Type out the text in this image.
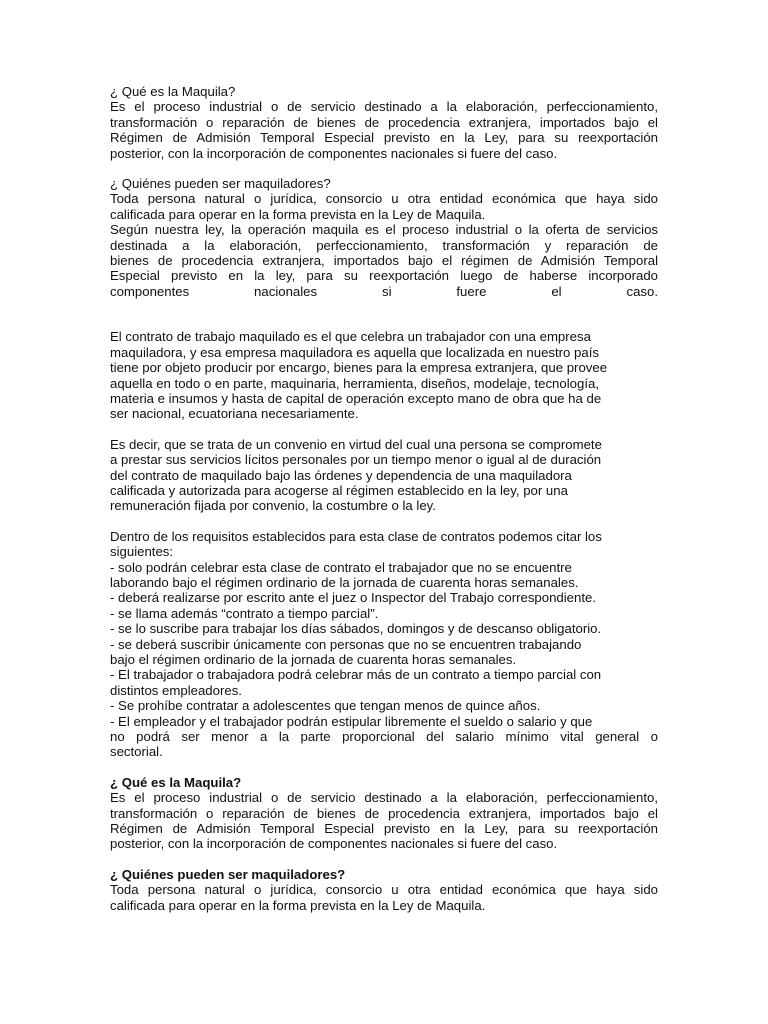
¿ Qué es la Maquila?
Es el proceso industrial o de servicio destinado a la elaboración, perfeccionamiento,
transformación o reparación de bienes de procedencia extranjera, importados bajo el
Régimen de Admisión Temporal Especial previsto en la Ley, para su reexportación
posterior, con la incorporación de componentes nacionales si fuere del caso.
¿ Quiénes pueden ser maquiladores?
Toda persona natural o jurídica, consorcio u otra entidad económica que haya sido
calificada para operar en la forma prevista en la Ley de Maquila.
Según nuestra ley, la operación maquila es el proceso industrial o la oferta de servicios
destinada a la elaboración, perfeccionamiento, transformación y reparación de
bienes de procedencia extranjera, importados bajo el régimen de Admisión Temporal
Especial previsto en la ley, para su reexportación luego de haberse incorporado
componentes nacionales si fuere el caso.
El contrato de trabajo maquilado es el que celebra un trabajador con una empresa
maquiladora, y esa empresa maquiladora es aquella que localizada en nuestro país
tiene por objeto producir por encargo, bienes para la empresa extranjera, que provee
aquella en todo o en parte, maquinaria, herramienta, diseños, modelaje, tecnología,
materia e insumos y hasta de capital de operación excepto mano de obra que ha de
ser nacional, ecuatoriana necesariamente.
Es decir, que se trata de un convenio en virtud del cual una persona se compromete
a prestar sus servicios lícitos personales por un tiempo menor o igual al de duración
del contrato de maquilado bajo las órdenes y dependencia de una maquiladora
calificada y autorizada para acogerse al régimen establecido en la ley, por una
remuneración fijada por convenio, la costumbre o la ley.
Dentro de los requisitos establecidos para esta clase de contratos podemos citar los
siguientes:
- solo podrán celebrar esta clase de contrato el trabajador que no se encuentre
laborando bajo el régimen ordinario de la jornada de cuarenta horas semanales.
- deberá realizarse por escrito ante el juez o Inspector del Trabajo correspondiente.
- se llama además “contrato a tiempo parcial”.
- se lo suscribe para trabajar los días sábados, domingos y de descanso obligatorio.
- se deberá suscribir únicamente con personas que no se encuentren trabajando
bajo el régimen ordinario de la jornada de cuarenta horas semanales.
- El trabajador o trabajadora podrá celebrar más de un contrato a tiempo parcial con
distintos empleadores.
- Se prohíbe contratar a adolescentes que tengan menos de quince años.
- El empleador y el trabajador podrán estipular libremente el sueldo o salario y que
no podrá ser menor a la parte proporcional del salario mínimo vital general o
sectorial.
¿ Qué es la Maquila?
Es el proceso industrial o de servicio destinado a la elaboración, perfeccionamiento,
transformación o reparación de bienes de procedencia extranjera, importados bajo el
Régimen de Admisión Temporal Especial previsto en la Ley, para su reexportación
posterior, con la incorporación de componentes nacionales si fuere del caso.
¿ Quiénes pueden ser maquiladores?
Toda persona natural o jurídica, consorcio u otra entidad económica que haya sido
calificada para operar en la forma prevista en la Ley de Maquila.
